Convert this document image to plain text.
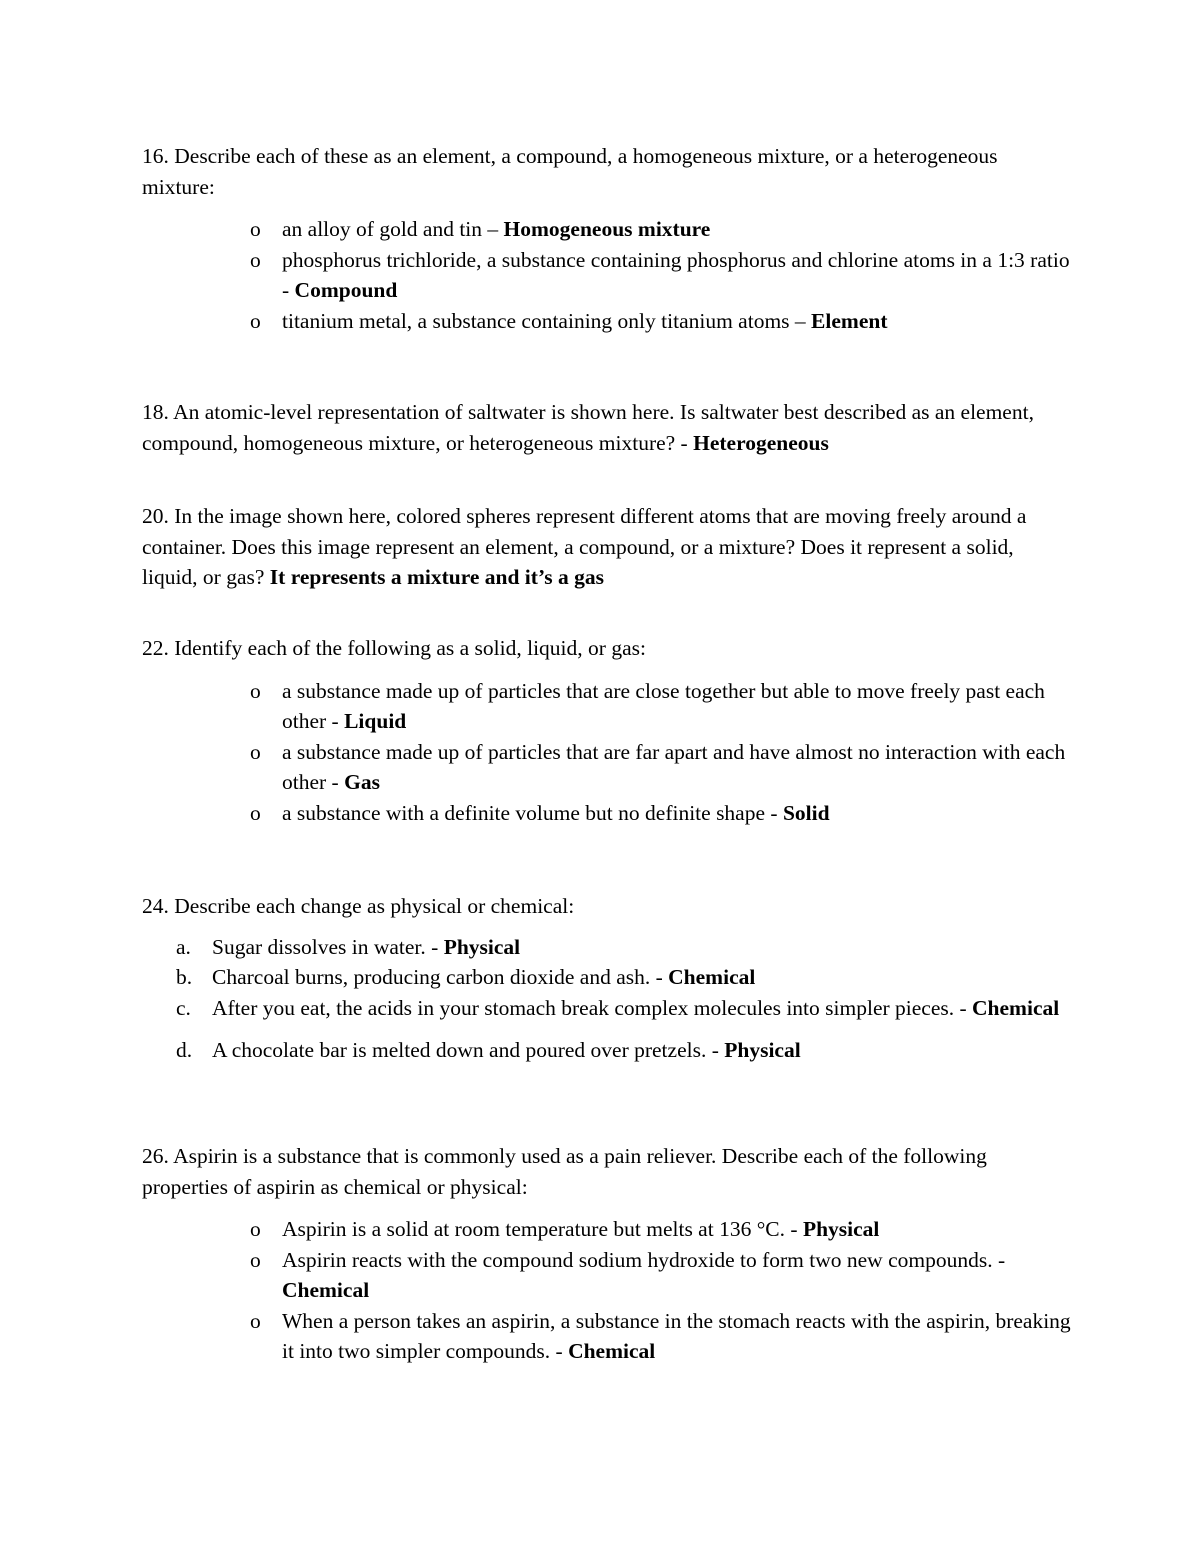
16. Describe each of these as an element, a compound, a homogeneous mixture, or a heterogeneous mixture:

o an alloy of gold and tin – Homogeneous mixture
o phosphorus trichloride, a substance containing phosphorus and chlorine atoms in a 1:3 ratio - Compound
o titanium metal, a substance containing only titanium atoms – Element

18. An atomic-level representation of saltwater is shown here. Is saltwater best described as an element, compound, homogeneous mixture, or heterogeneous mixture? - Heterogeneous

20. In the image shown here, colored spheres represent different atoms that are moving freely around a container. Does this image represent an element, a compound, or a mixture? Does it represent a solid, liquid, or gas? It represents a mixture and it’s a gas

22. Identify each of the following as a solid, liquid, or gas:

o a substance made up of particles that are close together but able to move freely past each other - Liquid
o a substance made up of particles that are far apart and have almost no interaction with each other - Gas
o a substance with a definite volume but no definite shape - Solid

24. Describe each change as physical or chemical:

a. Sugar dissolves in water. - Physical
b. Charcoal burns, producing carbon dioxide and ash. - Chemical
c. After you eat, the acids in your stomach break complex molecules into simpler pieces. - Chemical
d. A chocolate bar is melted down and poured over pretzels. - Physical

26. Aspirin is a substance that is commonly used as a pain reliever. Describe each of the following properties of aspirin as chemical or physical:

o Aspirin is a solid at room temperature but melts at 136 °C. - Physical
o Aspirin reacts with the compound sodium hydroxide to form two new compounds. - Chemical
o When a person takes an aspirin, a substance in the stomach reacts with the aspirin, breaking it into two simpler compounds. - Chemical
